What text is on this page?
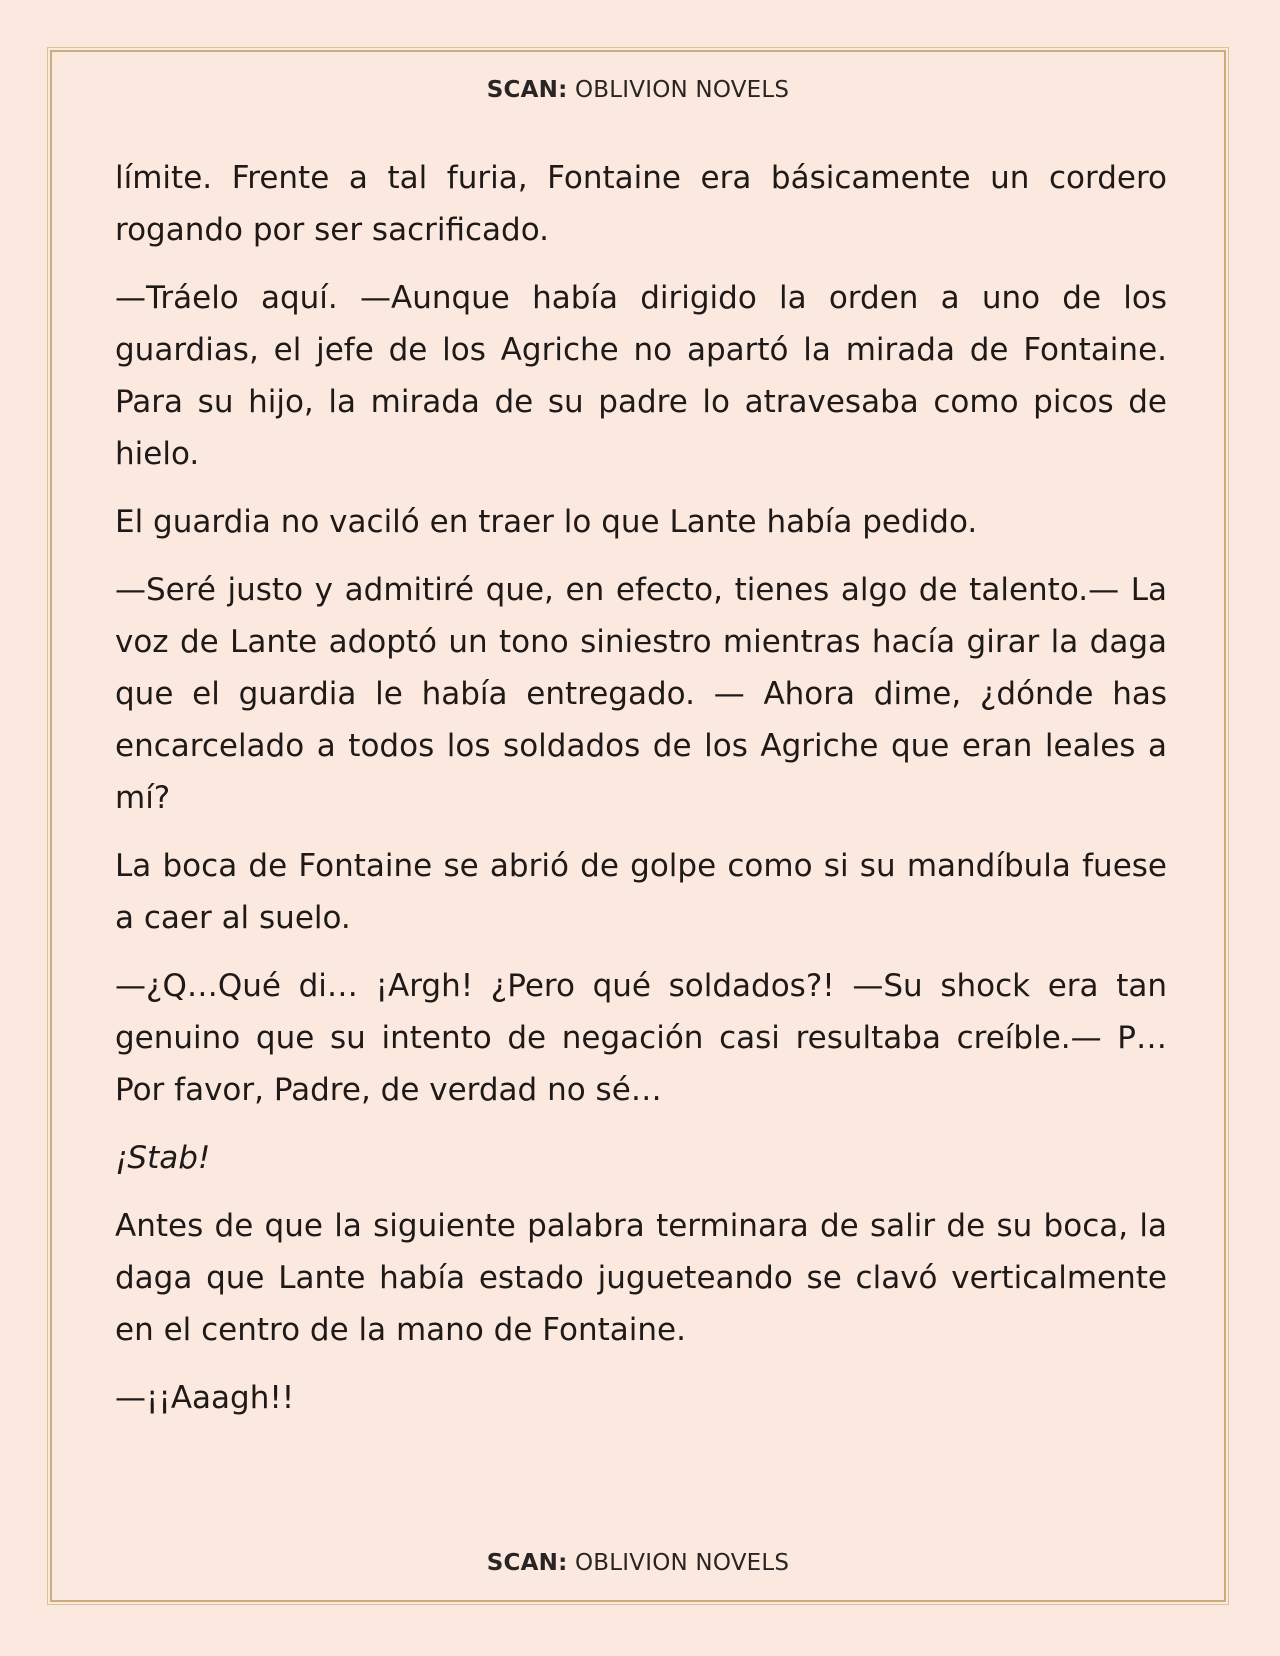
SCAN: OBLIVION NOVELS

límite. Frente a tal furia, Fontaine era básicamente un cordero rogando por ser sacrificado.

—Tráelo aquí. —Aunque había dirigido la orden a uno de los guardias, el jefe de los Agriche no apartó la mirada de Fontaine. Para su hijo, la mirada de su padre lo atravesaba como picos de hielo.

El guardia no vaciló en traer lo que Lante había pedido.

—Seré justo y admitiré que, en efecto, tienes algo de talento.— La voz de Lante adoptó un tono siniestro mientras hacía girar la daga que el guardia le había entregado. — Ahora dime, ¿dónde has encarcelado a todos los soldados de los Agriche que eran leales a mí?

La boca de Fontaine se abrió de golpe como si su mandíbula fuese a caer al suelo.

—¿Q…Qué di… ¡Argh! ¿Pero qué soldados?! —Su shock era tan genuino que su intento de negación casi resultaba creíble.— P… Por favor, Padre, de verdad no sé…

¡Stab!

Antes de que la siguiente palabra terminara de salir de su boca, la daga que Lante había estado jugueteando se clavó verticalmente en el centro de la mano de Fontaine.

—¡¡Aaagh!!

SCAN: OBLIVION NOVELS
